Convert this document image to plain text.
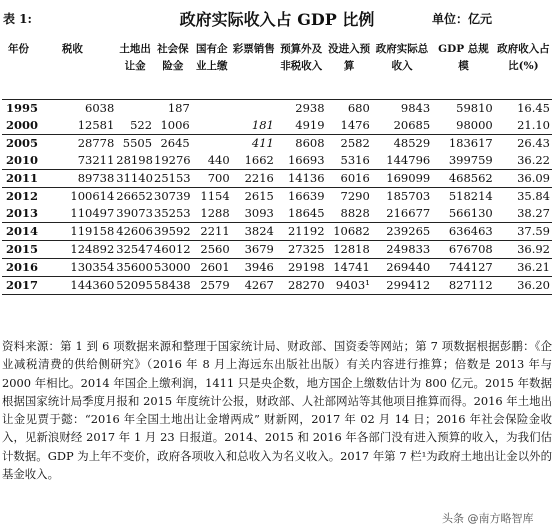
表 1:	政府实际收入占 GDP 比例	单位：亿元
年份	税收	土地出让金	社会保险金	国有企业上缴	彩票销售	预算外及非税收入	没进入预算	政府实际总收入	GDP 总规模	政府收入占比(%)
1995	6038		187			2938	680	9843	59810	16.45
2000	12581	522	1006		181	4919	1476	20685	98000	21.10
2005	28778	5505	2645		411	8608	2582	48529	183617	26.43
2010	73211	28198	19276	440	1662	16693	5316	144796	399759	36.22
2011	89738	31140	25153	700	2216	14136	6016	169099	468562	36.09
2012	100614	26652	30739	1154	2615	16639	7290	185703	518214	35.84
2013	110497	39073	35253	1288	3093	18645	8828	216677	566130	38.27
2014	119158	42606	39592	2211	3824	21192	10682	239265	636463	37.59
2015	124892	32547	46012	2560	3679	27325	12818	249833	676708	36.92
2016	130354	35600	53000	2601	3946	29198	14741	269440	744127	36.21
2017	144360	52095	58438	2579	4267	28270	9403¹	299412	827112	36.20
资料来源：第 1 到 6 项数据来源和整理于国家统计局、财政部、国资委等网站；第 7 项数据根据彭鹏：《企业减税清费的供给侧研究》（2016 年 8 月上海远东出版社出版）有关内容进行推算；倍数是 2013 年与 2000 年相比。2014 年国企上缴利润，1411 只是央企数，地方国企上缴数估计为 800 亿元。2015 年数据根据国家统计局季度月报和 2015 年度统计公报，财政部、人社部网站等其他项目推算而得。2016 年土地出让金见贾于懿：“2016 年全国土地出让金增两成” 财新网，2017 年 02 月 14 日；2016 年社会保险金收入，见新浪财经 2017 年 1 月 23 日报道。2014、2015 和 2016 年各部门没有进入预算的收入，为我们估计数据。GDP 为上年不变价，政府各项收入和总收入为名义收入。2017 年第 7 栏¹为政府土地出让金以外的基金收入。
头条 @南方略智库
